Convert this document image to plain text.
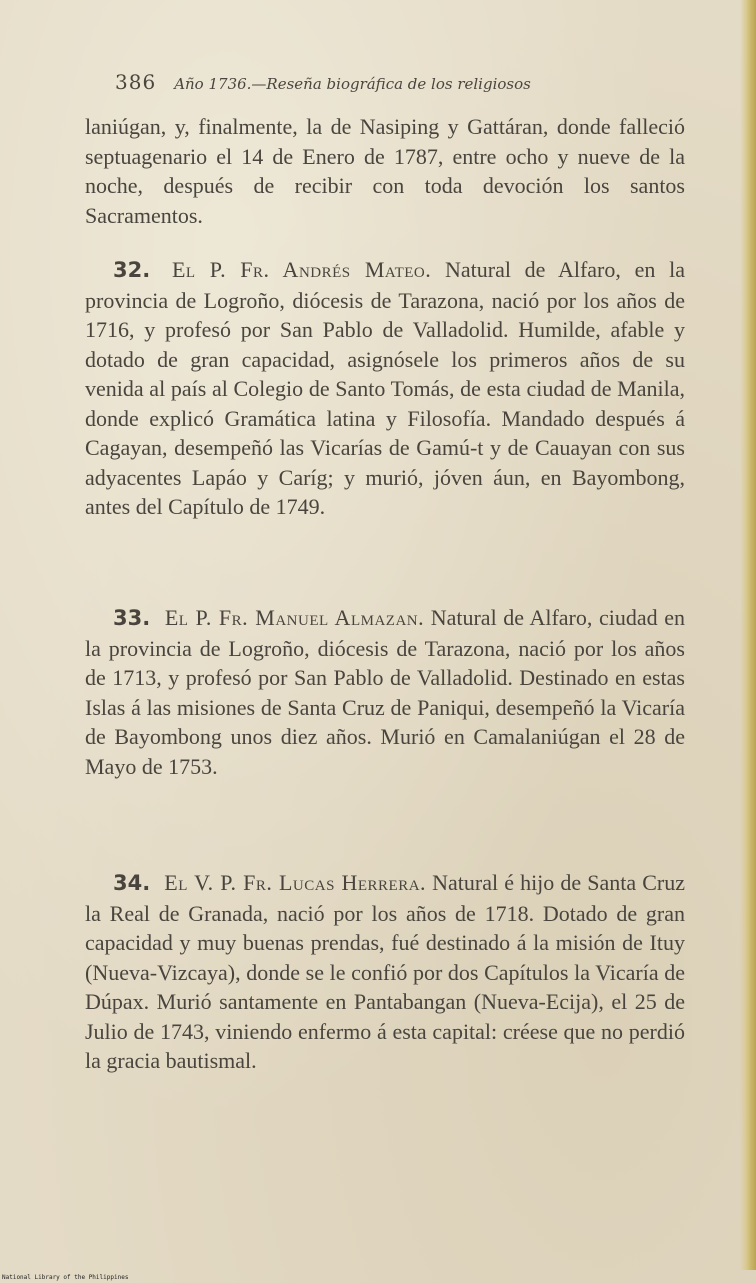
386 Año 1736.—Reseña biográfica de los religiosos
laniúgan, y, finalmente, la de Nasiping y Gattáran, donde falleció septuagenario el 14 de Enero de 1787, entre ocho y nueve de la noche, después de recibir con toda devoción los santos Sacramentos.
32. El P. Fr. Andrés Mateo. Natural de Alfaro, en la provincia de Logroño, diócesis de Tarazona, nació por los años de 1716, y profesó por San Pablo de Valladolid. Humilde, afable y dotado de gran capacidad, asignósele los primeros años de su venida al país al Colegio de Santo Tomás, de esta ciudad de Manila, donde explicó Gramática latina y Filosofía. Mandado después á Cagayan, desempeñó las Vicarías de Gamú-t y de Cauayan con sus adyacentes Lapáo y Caríg; y murió, jóven áun, en Bayombong, antes del Capítulo de 1749.
33. El P. Fr. Manuel Almazan. Natural de Alfaro, ciudad en la provincia de Logroño, diócesis de Tarazona, nació por los años de 1713, y profesó por San Pablo de Valladolid. Destinado en estas Islas á las misiones de Santa Cruz de Paniqui, desempeñó la Vicaría de Bayombong unos diez años. Murió en Camalaniúgan el 28 de Mayo de 1753.
34. El V. P. Fr. Lucas Herrera. Natural é hijo de Santa Cruz la Real de Granada, nació por los años de 1718. Dotado de gran capacidad y muy buenas prendas, fué destinado á la misión de Ituy (Nueva-Vizcaya), donde se le confió por dos Capítulos la Vicaría de Dúpax. Murió santamente en Pantabangan (Nueva-Ecija), el 25 de Julio de 1743, viniendo enfermo á esta capital: créese que no perdió la gracia bautismal.
National Library of the Philippines
